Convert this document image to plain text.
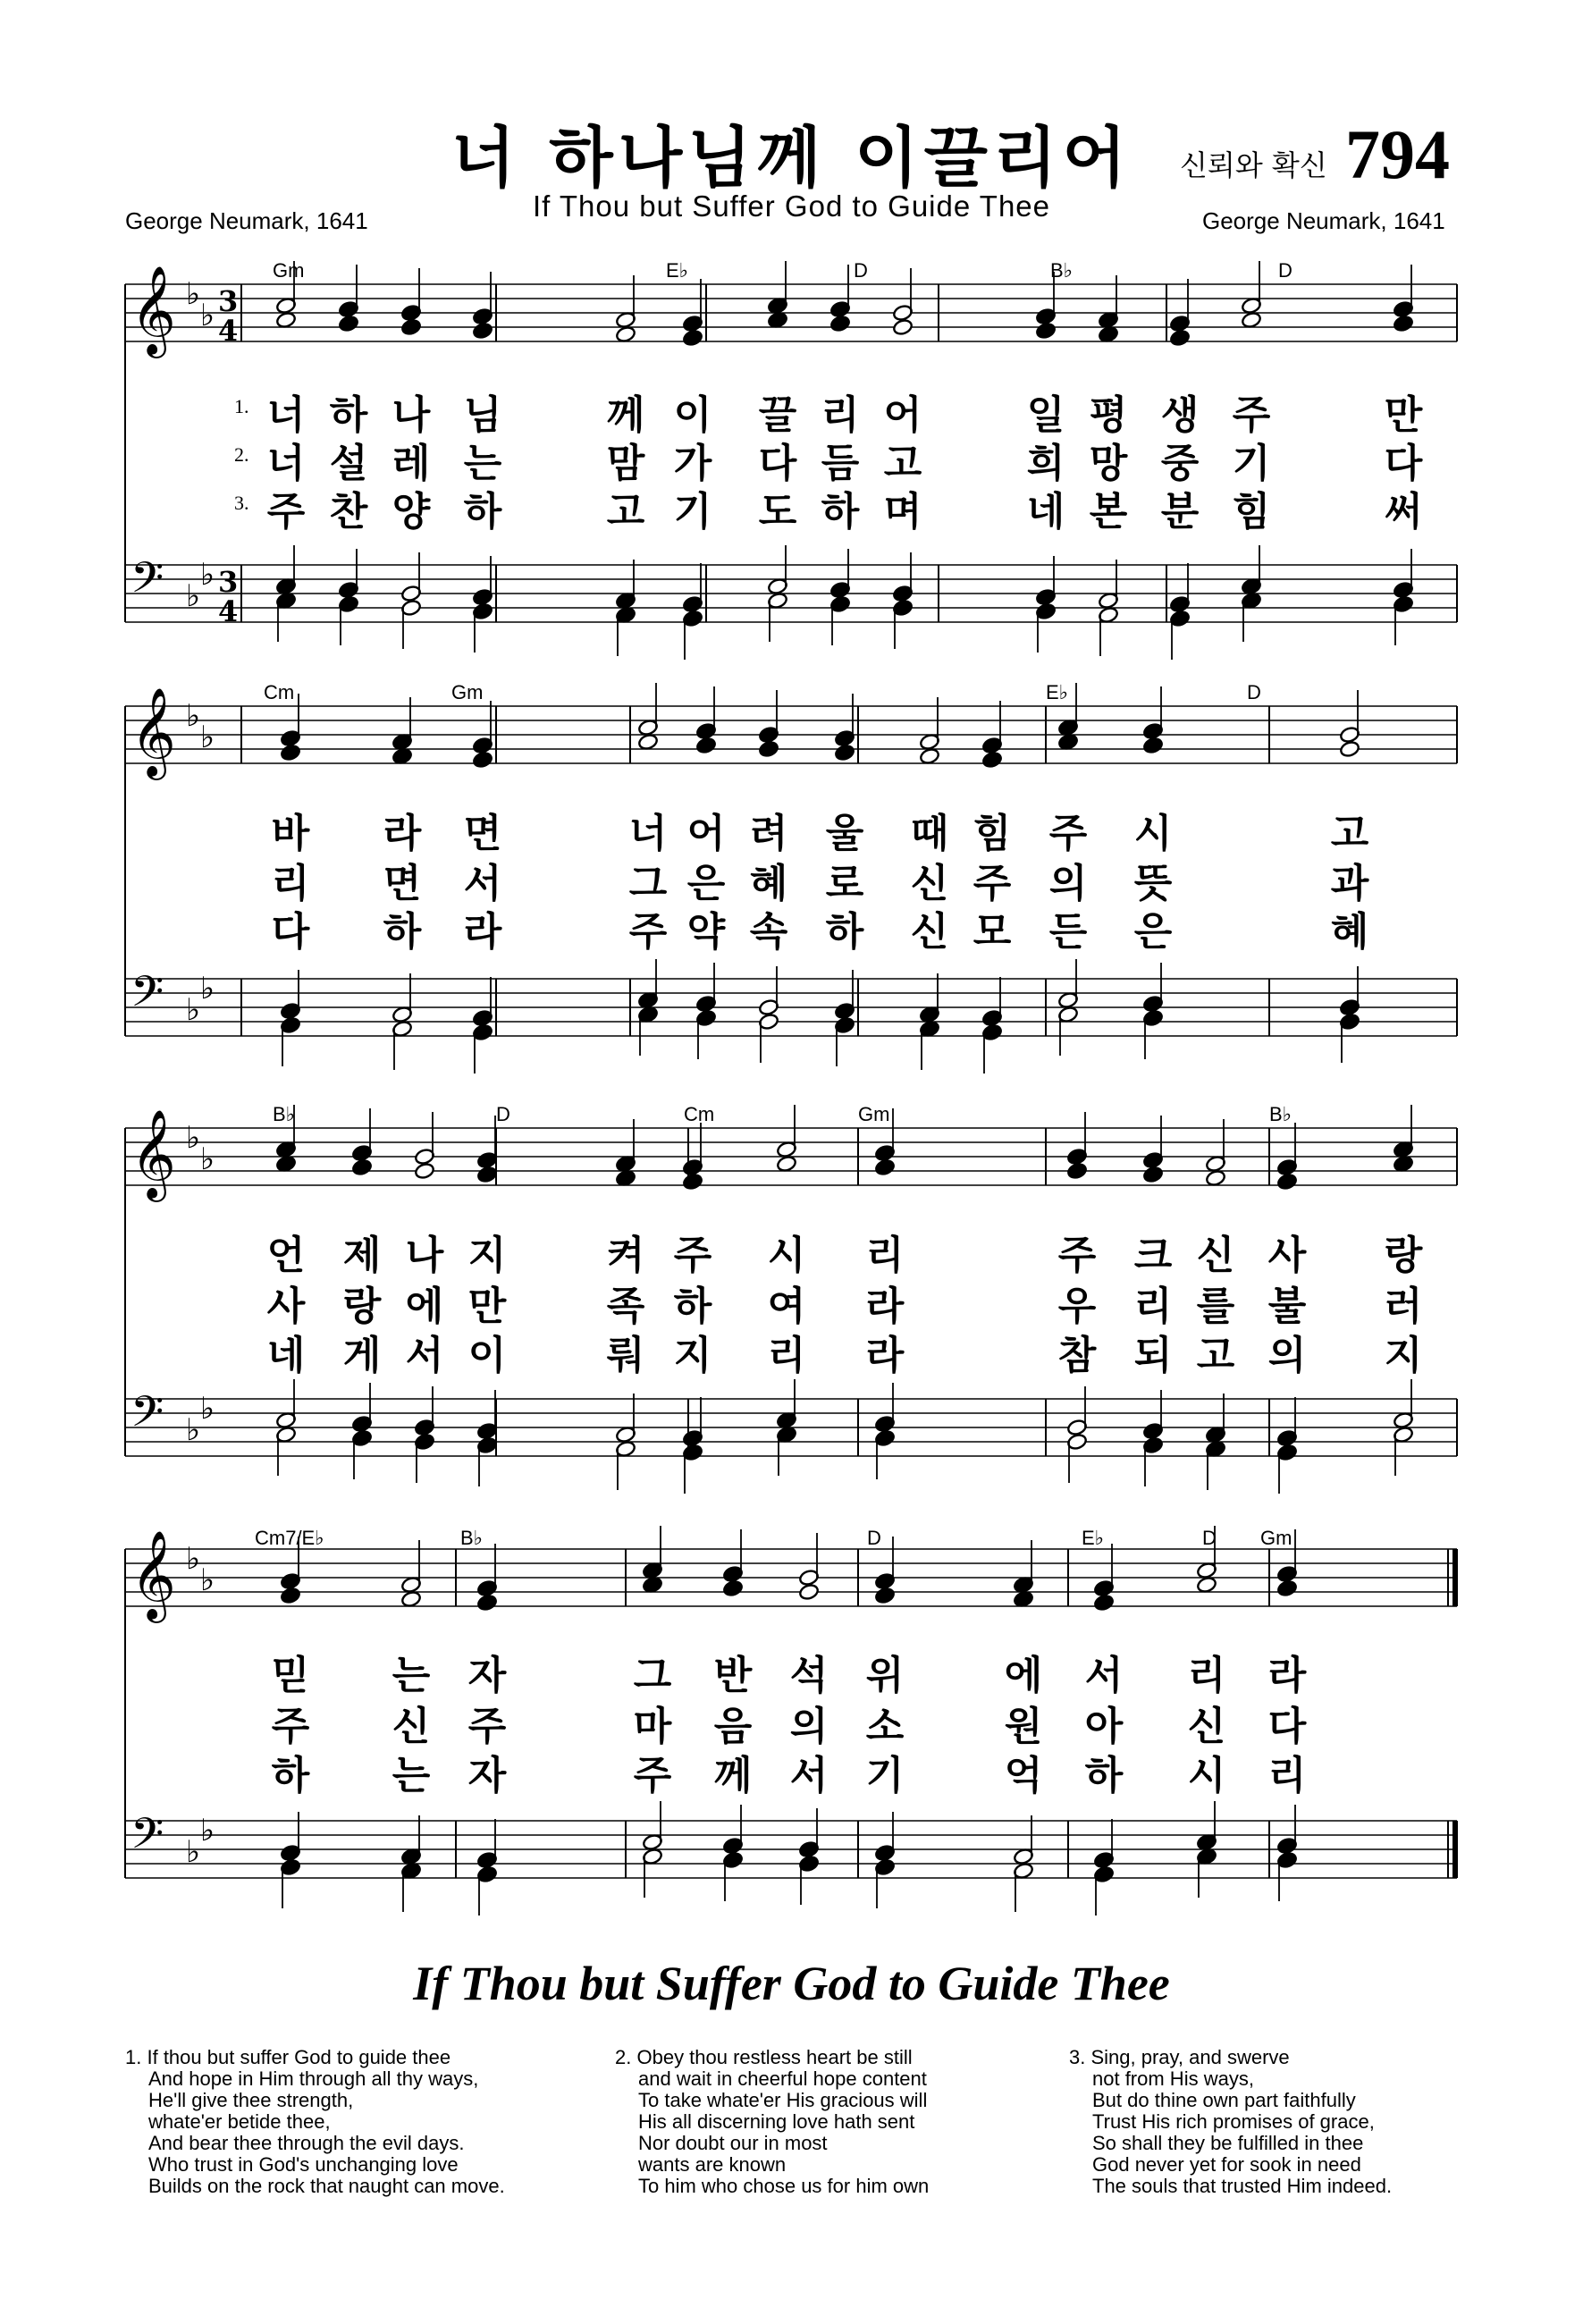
너 하나님께 이끌리어	신뢰와 확신 794
If Thou but Suffer God to Guide Thee
George Neumark, 1641	George Neumark, 1641
𝄞 ♭
♭ 3
4
𝄢 ♭
♭ 3
4
𝄞 ♭
♭
𝄢 ♭
♭
𝄞 ♭
♭
𝄢 ♭
♭
𝄞 ♭
♭
𝄢 ♭
♭
If Thou but Suffer God to Guide Thee
1. If thou but suffer God to guide thee
And hope in Him through all thy ways,
He'll give thee strength,
whate'er betide thee,
And bear thee through the evil days.
Who trust in God's unchanging love
Builds on the rock that naught can move.
2. Obey thou restless heart be still
and wait in cheerful hope content
To take whate'er His gracious will
His all discerning love hath sent
Nor doubt our in most
wants are known
To him who chose us for him own
3. Sing, pray, and swerve
not from His ways,
But do thine own part faithfully
Trust His rich promises of grace,
So shall they be fulfilled in thee
God never yet for sook in need
The souls that trusted Him indeed.
Gm	E♭	D	B♭	D
1.
2.
3.
너 하 나 님	께 이 끌 리 어	일 평 생 주	만
너 설 레 는	맘 가 다 듬 고	희 망 중 기	다
주 찬 양 하	고 기 도 하 며	네 본 분 힘	써
Cm	Gm	E♭	D
바 라 면	너 어 려 울 때 힘 주 시	고
리 면 서	그 은 혜 로 신 주 의 뜻	과
다 하 라	주 약 속 하 신 모 든 은	혜
B♭	D	Cm	Gm	B♭
언 제 나 지	켜 주 시 리	주 크 신 사 랑
사 랑 에 만	족 하 여 라	우 리 를 불 러
네 게 서 이	뤄 지 리 라	참 되 고 의 지
Cm7/E♭	B♭	D	E♭	D Gm
믿 는 자	그 반 석 위	에 서 리 라
주 신 주	마 음 의 소	원 아 신 다
하 는 자	주 께 서 기	억 하 시 리
